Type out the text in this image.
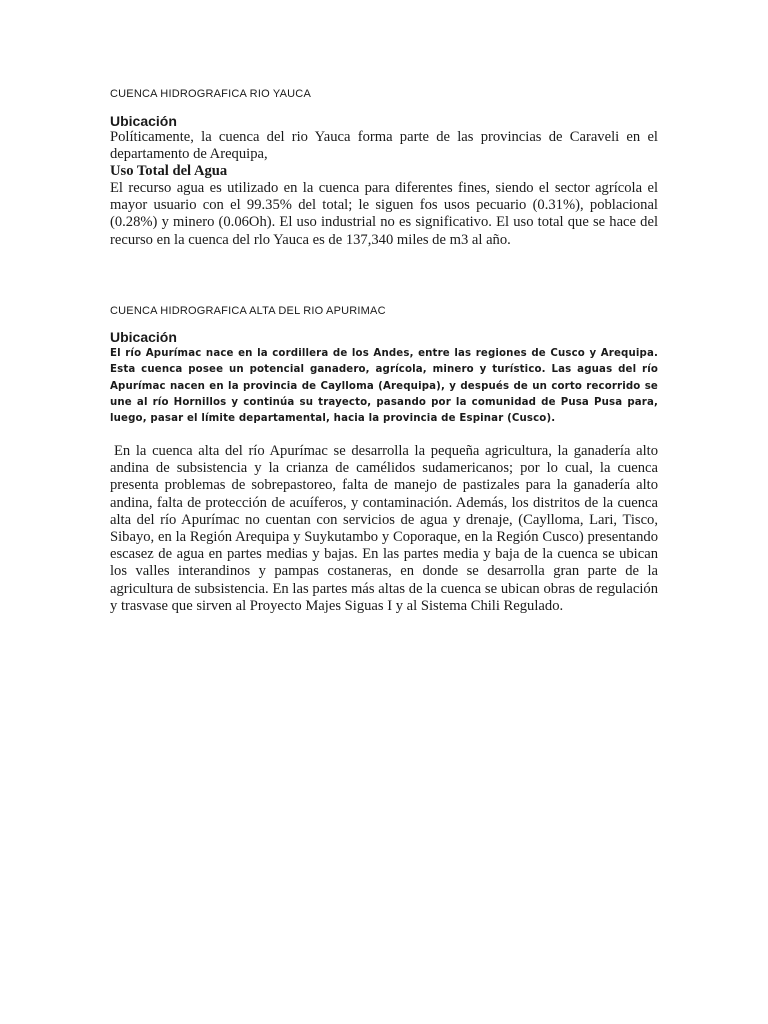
CUENCA HIDROGRAFICA RIO YAUCA

Ubicación

Políticamente, la cuenca del rio Yauca forma parte de las provincias de Caraveli en el departamento de Arequipa,

Uso Total del Agua

El recurso agua es utilizado en la cuenca para diferentes fines, siendo el sector agrícola el mayor usuario con el 99.35% del total; le siguen fos usos pecuario (0.31%), poblacional (0.28%) y minero (0.06Oh). El uso industrial no es significativo. El uso total que se hace del recurso en la cuenca del rlo Yauca es de 137,340 miles de m3 al año.

CUENCA HIDROGRAFICA ALTA DEL RIO APURIMAC

Ubicación

El río Apurímac nace en la cordillera de los Andes, entre las regiones de Cusco y Arequipa. Esta cuenca posee un potencial ganadero, agrícola, minero y turístico. Las aguas del río Apurímac nacen en la provincia de Caylloma (Arequipa), y después de un corto recorrido se une al río Hornillos y continúa su trayecto, pasando por la comunidad de Pusa Pusa para, luego, pasar el límite departamental, hacia la provincia de Espinar (Cusco).

En la cuenca alta del río Apurímac se desarrolla la pequeña agricultura, la ganadería alto andina de subsistencia y la crianza de camélidos sudamericanos; por lo cual, la cuenca presenta problemas de sobrepastoreo, falta de manejo de pastizales para la ganadería alto andina, falta de protección de acuíferos, y contaminación. Además, los distritos de la cuenca alta del río Apurímac no cuentan con servicios de agua y drenaje, (Caylloma, Lari, Tisco, Sibayo, en la Región Arequipa y Suykutambo y Coporaque, en la Región Cusco) presentando escasez de agua en partes medias y bajas. En las partes media y baja de la cuenca se ubican los valles interandinos y pampas costaneras, en donde se desarrolla gran parte de la agricultura de subsistencia. En las partes más altas de la cuenca se ubican obras de regulación y trasvase que sirven al Proyecto Majes Siguas I y al Sistema Chili Regulado.
